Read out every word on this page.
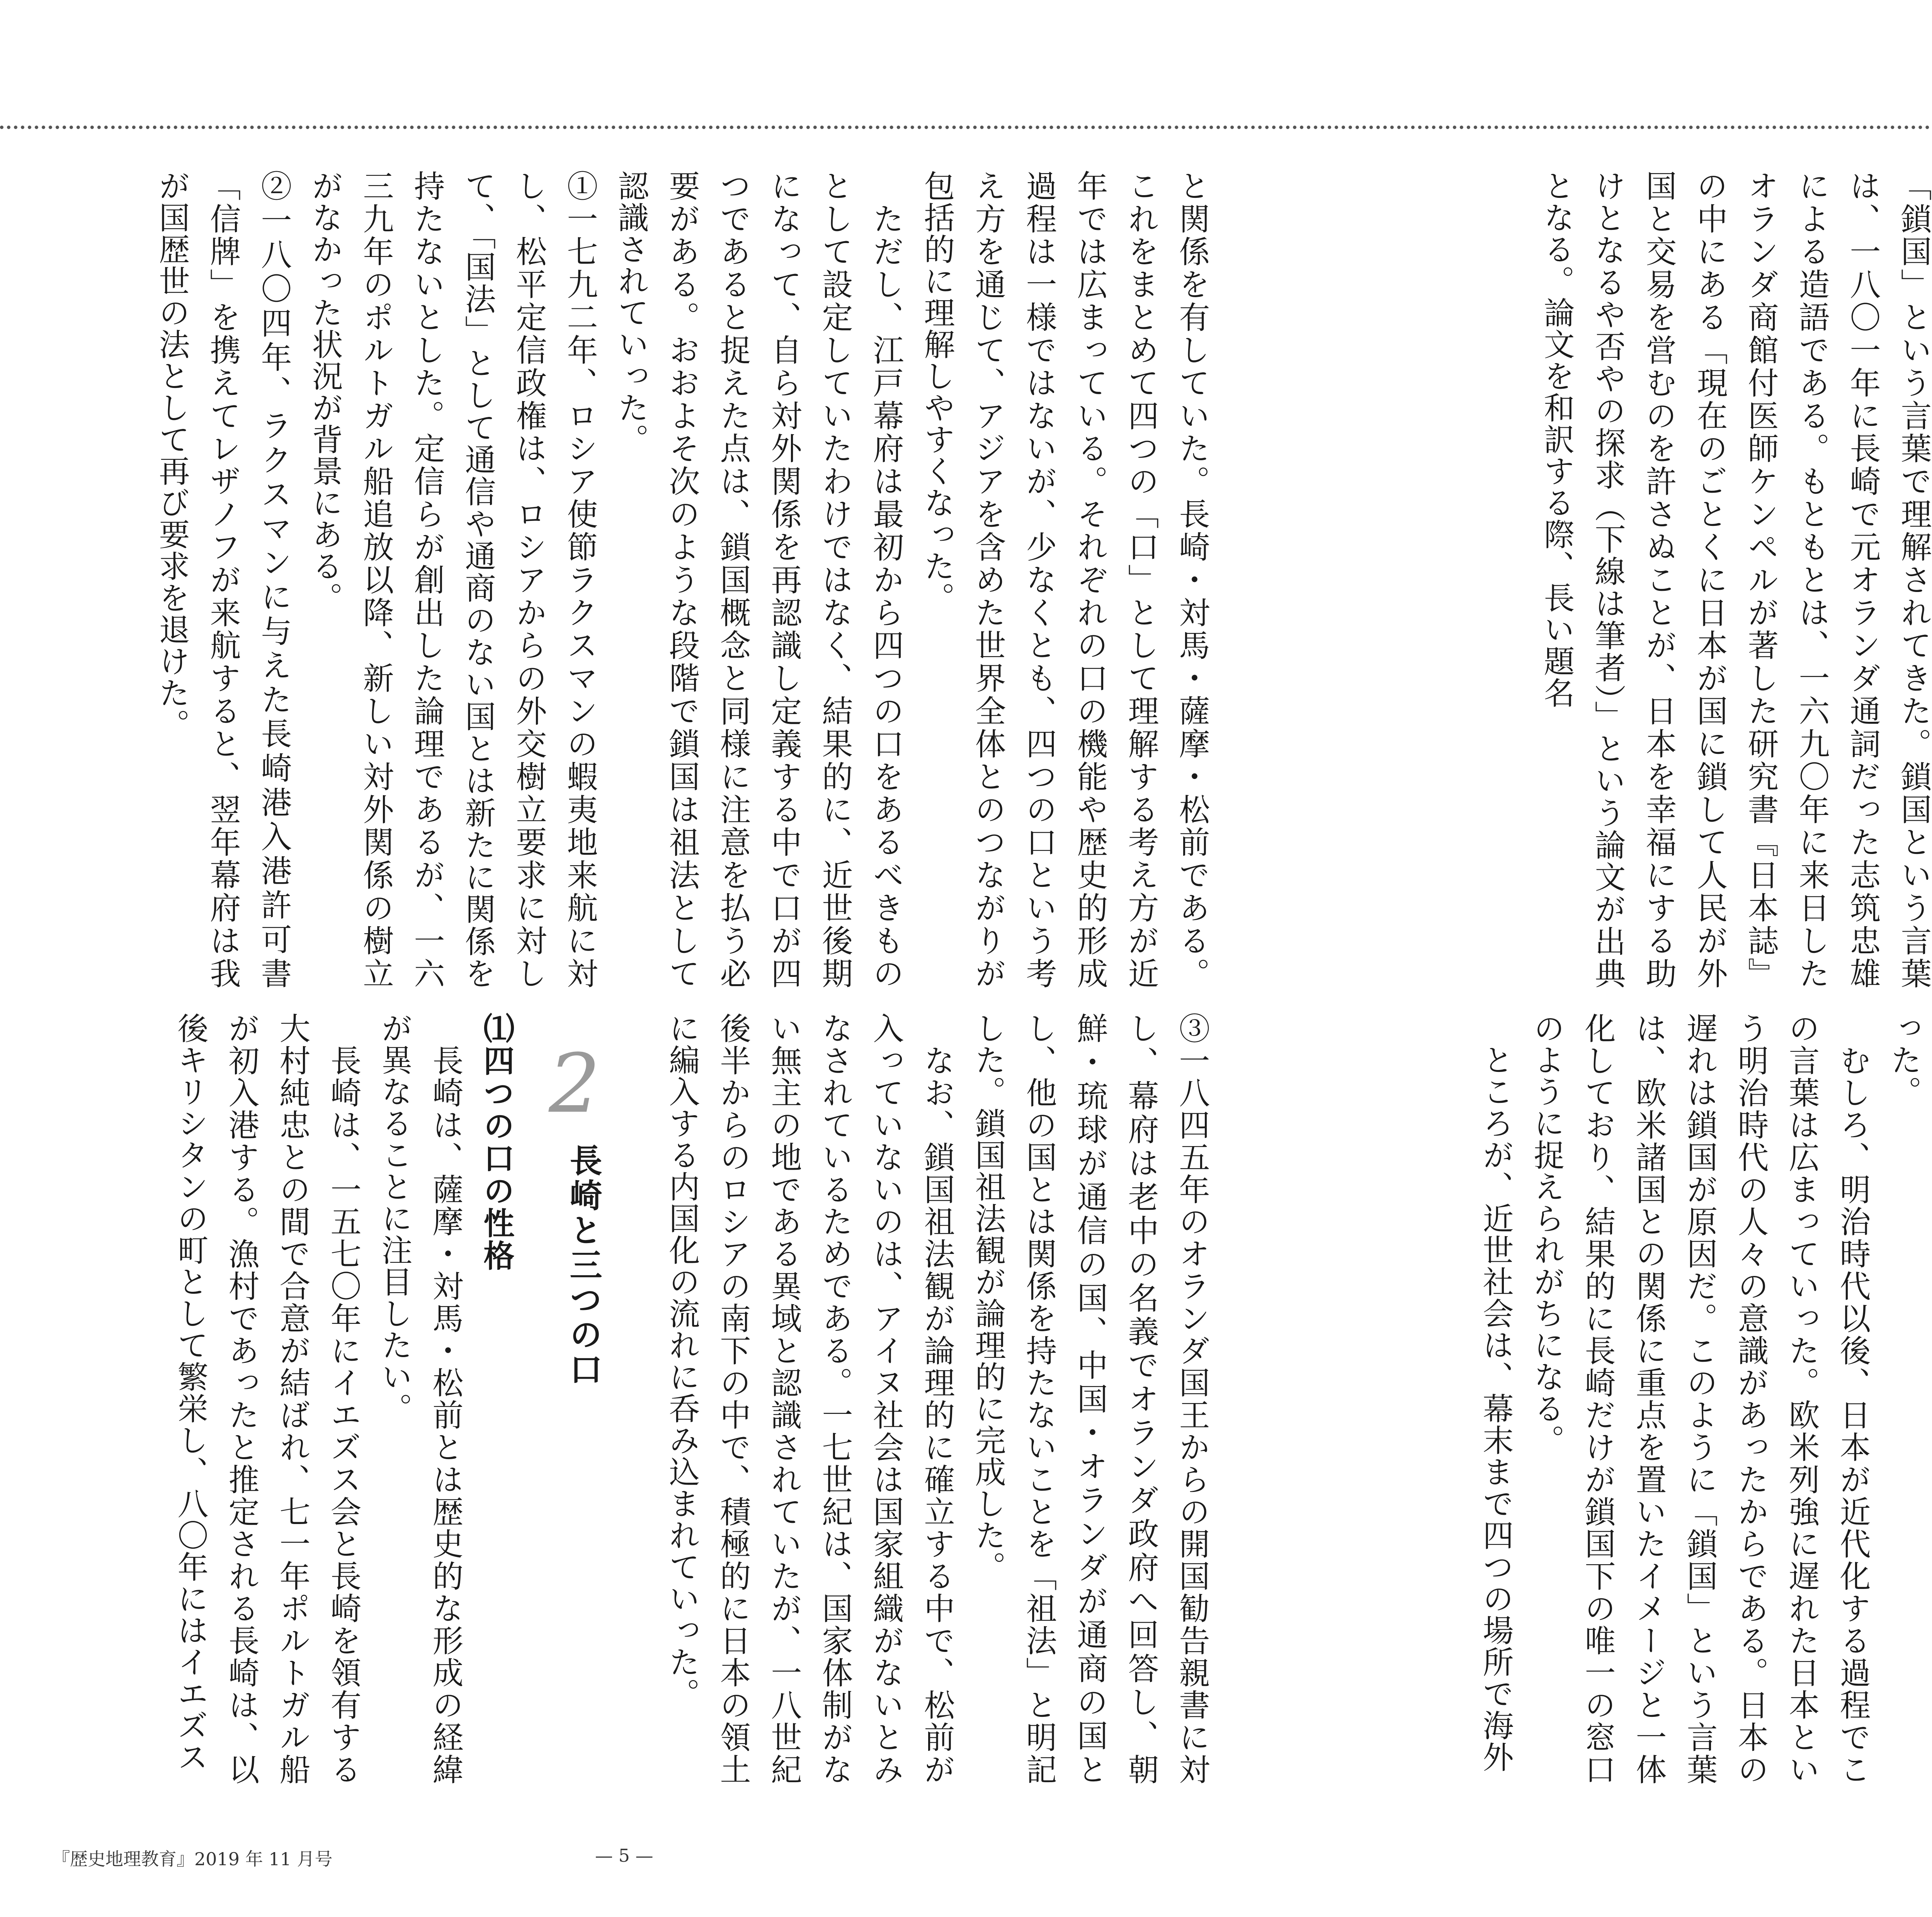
　「鎖国」という言葉で理解されてきた。鎖国という言葉は、一八〇一年に長崎で元オランダ通詞だった志筑忠雄による造語である。もともとは、一六九〇年に来日したオランダ商館付医師ケンペルが著した研究書『日本誌』の中にある「現在のごとくに日本が国に鎖して人民が外国と交易を営むのを許さぬことが、日本を幸福にする助けとなるや否やの探求（下線は筆者）」という論文が出典となる。論文を和訳する際、長い題名

った。

　むしろ、明治時代以後、日本が近代化する過程でこの言葉は広まっていった。欧米列強に遅れた日本という明治時代の人々の意識があったからである。日本の遅れは鎖国が原因だ。このように「鎖国」という言葉は、欧米諸国との関係に重点を置いたイメージと一体化しており、結果的に長崎だけが鎖国下の唯一の窓口のように捉えられがちになる。

　ところが、近世社会は、幕末まで四つの場所で海外

と関係を有していた。長崎・対馬・薩摩・松前である。これをまとめて四つの「口」として理解する考え方が近年では広まっている。それぞれの口の機能や歴史的形成過程は一様ではないが、少なくとも、四つの口という考え方を通じて、アジアを含めた世界全体とのつながりが包括的に理解しやすくなった。

　ただし、江戸幕府は最初から四つの口をあるべきものとして設定していたわけではなく、結果的に、近世後期になって、自ら対外関係を再認識し定義する中で口が四つであると捉えた点は、鎖国概念と同様に注意を払う必要がある。おおよそ次のような段階で鎖国は祖法として認識されていった。

①一七九二年、ロシア使節ラクスマンの蝦夷地来航に対し、松平定信政権は、ロシアからの外交樹立要求に対して、「国法」として通信や通商のない国とは新たに関係を持たないとした。定信らが創出した論理であるが、一六三九年のポルトガル船追放以降、新しい対外関係の樹立がなかった状況が背景にある。

②一八〇四年、ラクスマンに与えた長崎港入港許可書「信牌」を携えてレザノフが来航すると、翌年幕府は我が国歴世の法として再び要求を退けた。

③一八四五年のオランダ国王からの開国勧告親書に対し、幕府は老中の名義でオランダ政府へ回答し、朝鮮・琉球が通信の国、中国・オランダが通商の国とし、他の国とは関係を持たないことを「祖法」と明記した。鎖国祖法観が論理的に完成した。

　なお、鎖国祖法観が論理的に確立する中で、松前が入っていないのは、アイヌ社会は国家組織がないとみなされているためである。一七世紀は、国家体制がない無主の地である異域と認識されていたが、一八世紀後半からのロシアの南下の中で、積極的に日本の領土に編入する内国化の流れに呑み込まれていった。

2
長崎と三つの口

⑴四つの口の性格

　長崎は、薩摩・対馬・松前とは歴史的な形成の経緯が異なることに注目したい。

　長崎は、一五七〇年にイエズス会と長崎を領有する大村純忠との間で合意が結ばれ、七一年ポルトガル船が初入港する。漁村であったと推定される長崎は、以後キリシタンの町として繁栄し、八〇年にはイエズス

『歴史地理教育』2019 年 11 月号	— 5 —
